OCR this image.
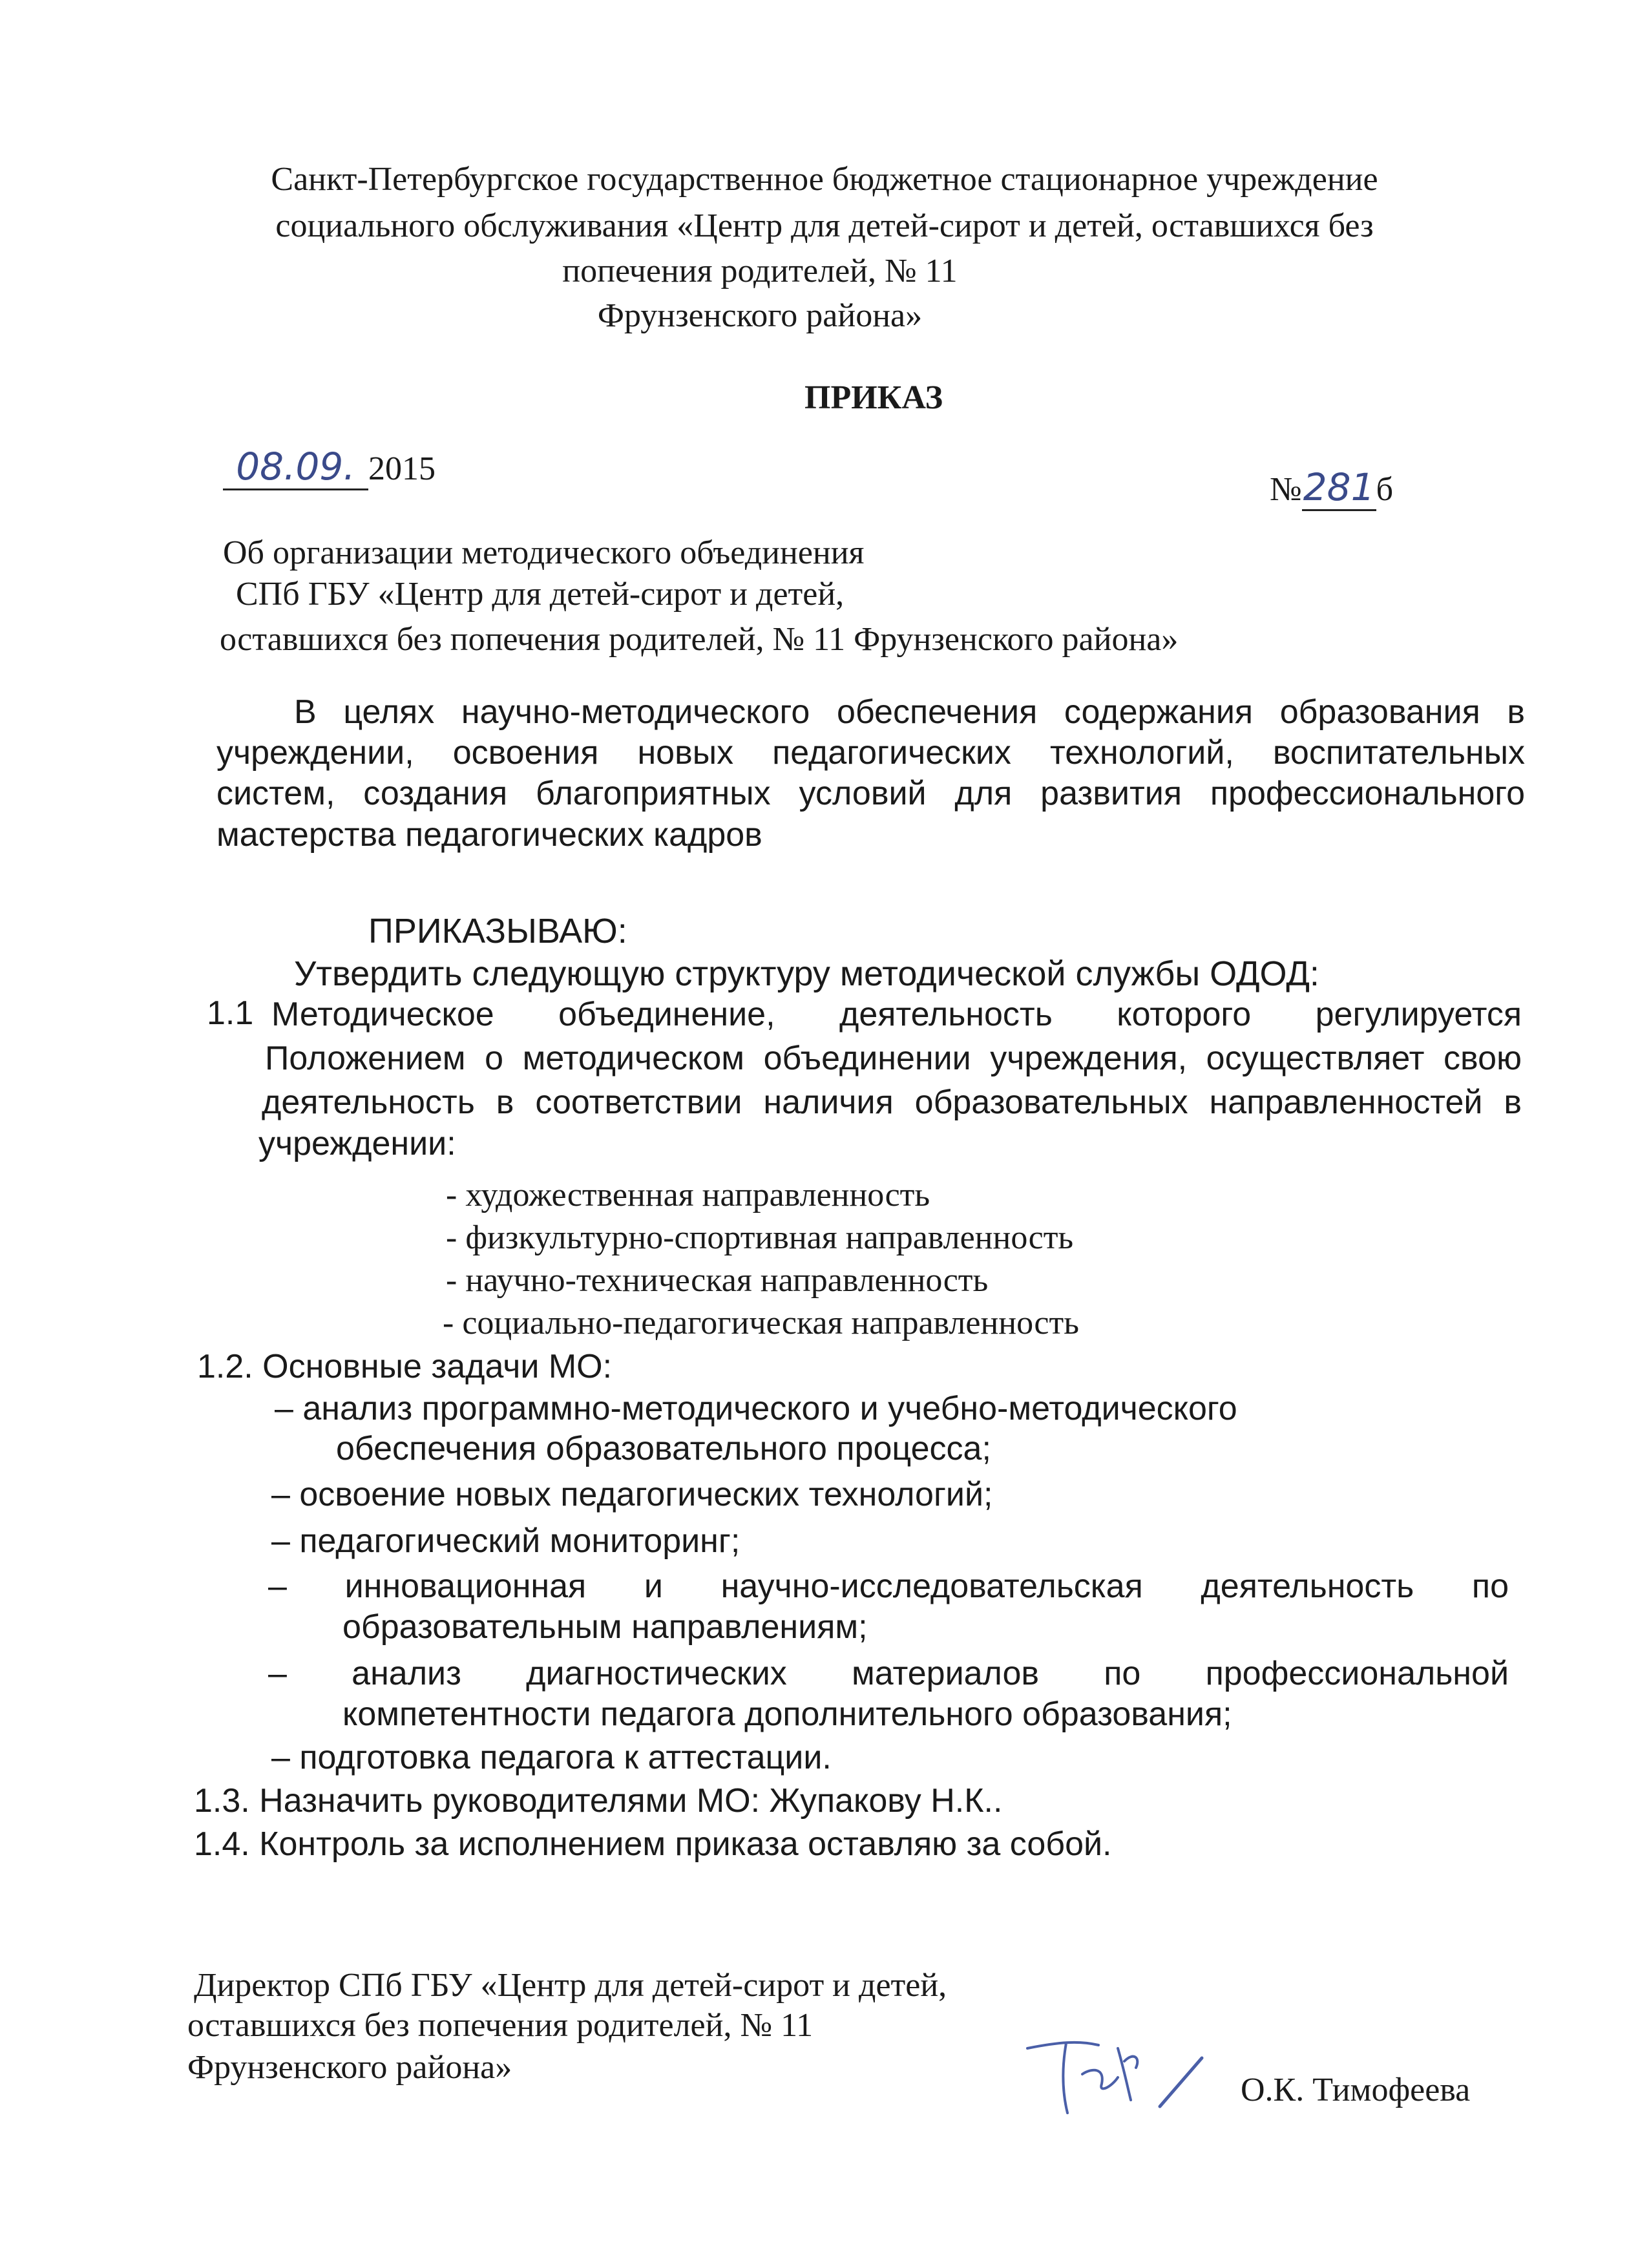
Санкт-Петербургское государственное бюджетное стационарное учреждение
социального обслуживания «Центр для детей-сирот и детей, оставшихся без
попечения родителей, № 11
Фрунзенского района»
ПРИКАЗ
08.09. 2015
№281б
Об организации методического объединения
СПб ГБУ «Центр для детей-сирот и детей,
оставшихся без попечения родителей, № 11 Фрунзенского района»
В целях научно-методического обеспечения содержания образования в
учреждении, освоения новых педагогических технологий, воспитательных
систем, создания благоприятных условий для развития профессионального
мастерства педагогических кадров
ПРИКАЗЫВАЮ:
Утвердить следующую структуру методической службы ОДОД:
1.1 Методическое объединение, деятельность которого регулируется
Положением о методическом объединении учреждения, осуществляет свою
деятельность в соответствии наличия образовательных направленностей в
учреждении:
- художественная направленность
- физкультурно-спортивная направленность
- научно-техническая направленность
- социально-педагогическая направленность
1.2. Основные задачи МО:
– анализ программно-методического и учебно-методического
обеспечения образовательного процесса;
– освоение новых педагогических технологий;
– педагогический мониторинг;
– инновационная и научно-исследовательская деятельность по
образовательным направлениям;
– анализ диагностических материалов по профессиональной
компетентности педагога дополнительного образования;
– подготовка педагога к аттестации.
1.3. Назначить руководителями МО: Жупакову Н.К..
1.4. Контроль за исполнением приказа оставляю за собой.
Директор СПб ГБУ «Центр для детей-сирот и детей,
оставшихся без попечения родителей, № 11
Фрунзенского района»
О.К. Тимофеева
